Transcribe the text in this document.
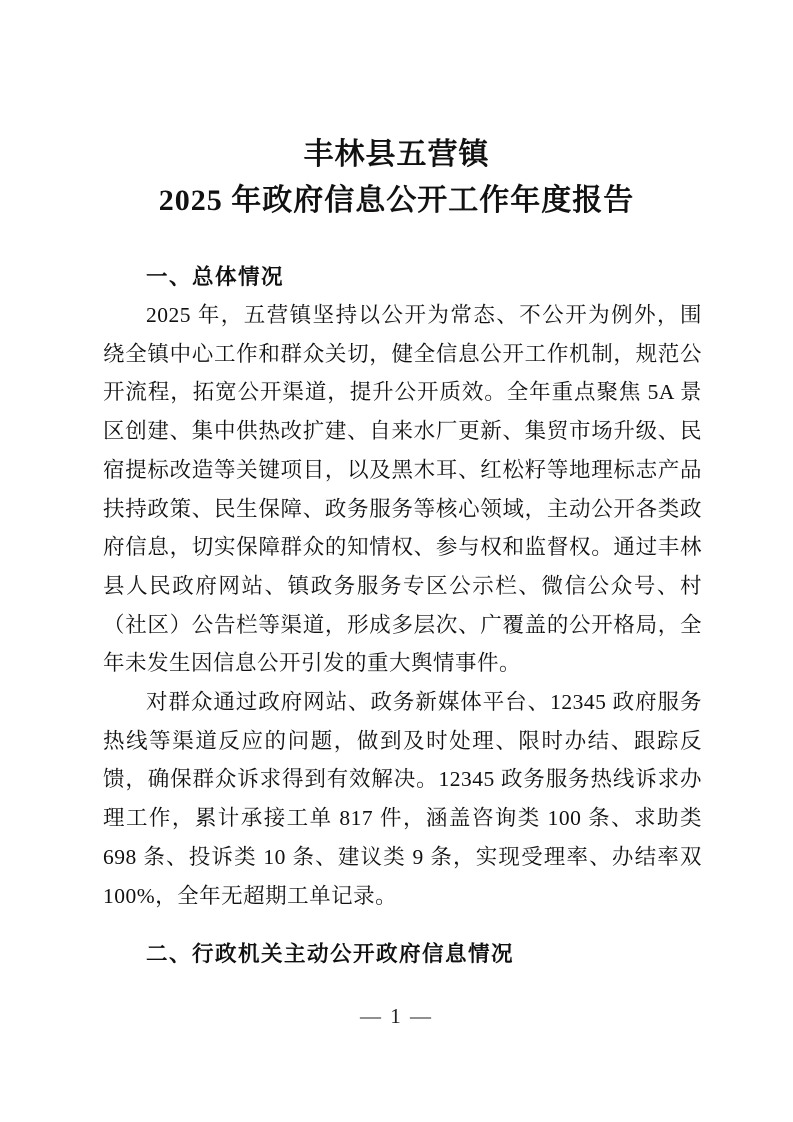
丰林县五营镇
2025 年政府信息公开工作年度报告
一、总体情况

2025 年，五营镇坚持以公开为常态、不公开为例外，围绕全镇中心工作和群众关切，健全信息公开工作机制，规范公开流程，拓宽公开渠道，提升公开质效。全年重点聚焦 5A 景区创建、集中供热改扩建、自来水厂更新、集贸市场升级、民宿提标改造等关键项目，以及黑木耳、红松籽等地理标志产品扶持政策、民生保障、政务服务等核心领域，主动公开各类政府信息，切实保障群众的知情权、参与权和监督权。通过丰林县人民政府网站、镇政务服务专区公示栏、微信公众号、村（社区）公告栏等渠道，形成多层次、广覆盖的公开格局，全年未发生因信息公开引发的重大舆情事件。

对群众通过政府网站、政务新媒体平台、12345 政府服务热线等渠道反应的问题，做到及时处理、限时办结、跟踪反馈，确保群众诉求得到有效解决。12345 政务服务热线诉求办理工作，累计承接工单 817 件，涵盖咨询类 100 条、求助类 698 条、投诉类 10 条、建议类 9 条，实现受理率、办结率双 100%，全年无超期工单记录。

二、行政机关主动公开政府信息情况
— 1 —
